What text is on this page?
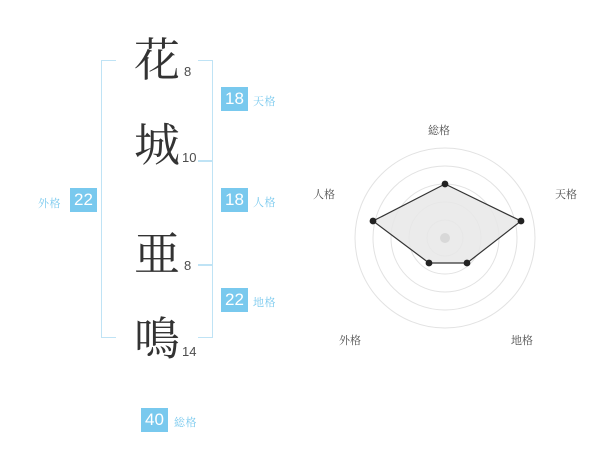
花 8
城 10
亜 8
鳴 14
18 天格
18 人格
22 地格
外格 22
40 総格
総格
天格
地格
外格
人格
